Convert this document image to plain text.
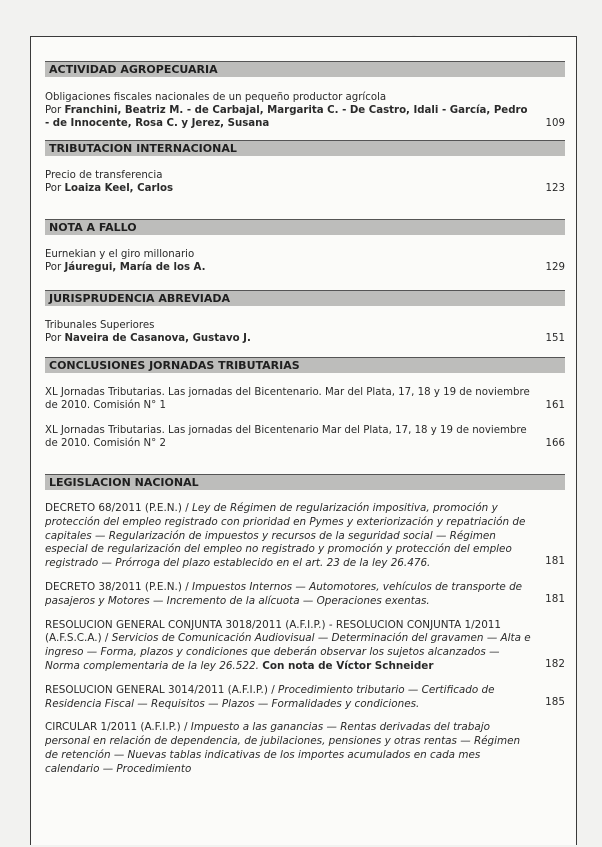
ACTIVIDAD AGROPECUARIA

Obligaciones fiscales nacionales de un pequeño productor agrícola

Por Franchini, Beatriz M. - de Carbajal, Margarita C. - De Castro, Idali - García, Pedro - de Innocente, Rosa C. y Jerez, Susana	109
TRIBUTACION INTERNACIONAL

Precio de transferencia

Por Loaiza Keel, Carlos	123
NOTA A FALLO

Eurnekian y el giro millonario

Por Jáuregui, María de los A.	129
JURISPRUDENCIA ABREVIADA

Tribunales Superiores

Por Naveira de Casanova, Gustavo J.	151
CONCLUSIONES JORNADAS TRIBUTARIAS

XL Jornadas Tributarias. Las jornadas del Bicentenario. Mar del Plata, 17, 18 y 19 de noviembre de 2010. Comisión N° 1	161

XL Jornadas Tributarias. Las jornadas del Bicentenario Mar del Plata, 17, 18 y 19 de noviembre de 2010. Comisión N° 2	166
LEGISLACION NACIONAL

DECRETO 68/2011 (P.E.N.) / Ley de Régimen de regularización impositiva, promoción y protección del empleo registrado con prioridad en Pymes y exteriorización y repatriación de capitales — Regularización de impuestos y recursos de la seguridad social — Régimen especial de regularización del empleo no registrado y promoción y protección del empleo registrado — Prórroga del plazo establecido en el art. 23 de la ley 26.476.	181

DECRETO 38/2011 (P.E.N.) / Impuestos Internos — Automotores, vehículos de transporte de pasajeros y Motores — Incremento de la alícuota — Operaciones exentas.	181

RESOLUCION GENERAL CONJUNTA 3018/2011 (A.F.I.P.) - RESOLUCION CONJUNTA 1/2011 (A.F.S.C.A.) / Servicios de Comunicación Audiovisual — Determinación del gravamen — Alta e ingreso — Forma, plazos y condiciones que deberán observar los sujetos alcanzados — Norma complementaria de la ley 26.522. Con nota de Víctor Schneider	182

RESOLUCION GENERAL 3014/2011 (A.F.I.P.) / Procedimiento tributario — Certificado de Residencia Fiscal — Requisitos — Plazos — Formalidades y condiciones.	185

CIRCULAR 1/2011 (A.F.I.P.) / Impuesto a las ganancias — Rentas derivadas del trabajo personal en relación de dependencia, de jubilaciones, pensiones y otras rentas — Régimen de retención — Nuevas tablas indicativas de los importes acumulados en cada mes calendario — Procedimiento
